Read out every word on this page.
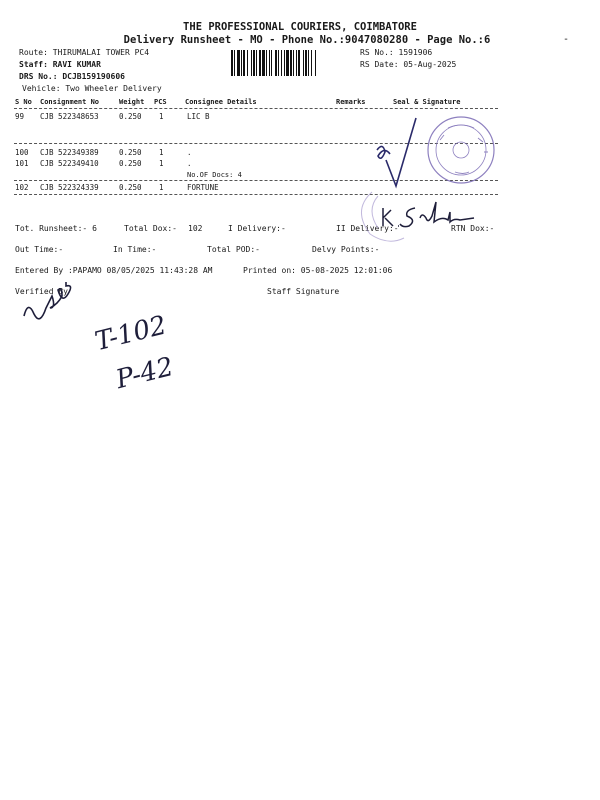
THE PROFESSIONAL COURIERS, COIMBATORE
Delivery Runsheet - MO - Phone No.:9047080280 - Page No.:6	-
Route: THIRUMALAI TOWER PC4
Staff: RAVI KUMAR
DRS No.: DCJB159190606
Vehicle: Two Wheeler Delivery
RS No.: 1591906
RS Date: 05-Aug-2025
S No Consignment No	Weight PCS	Consignee Details	Remarks	Seal & Signature
99 CJB 522348653	0.250 1	LIC B
100 CJB 522349389	0.250 1	.
101 CJB 522349410	0.250 1	.
No.OF Docs: 4
102 CJB 522324339	0.250 1	FORTUNE
Tot. Runsheet:- 6	Total Dox:- 102	I Delivery:-	II Delivery:-	RTN Dox:-
Out Time:-	In Time:-	Total POD:-	Delvy Points:-
Entered By :PAPAMO 08/05/2025 11:43:28 AM	Printed on: 05-08-2025 12:01:06
Verified By	Staff Signature
T-102
P-42
